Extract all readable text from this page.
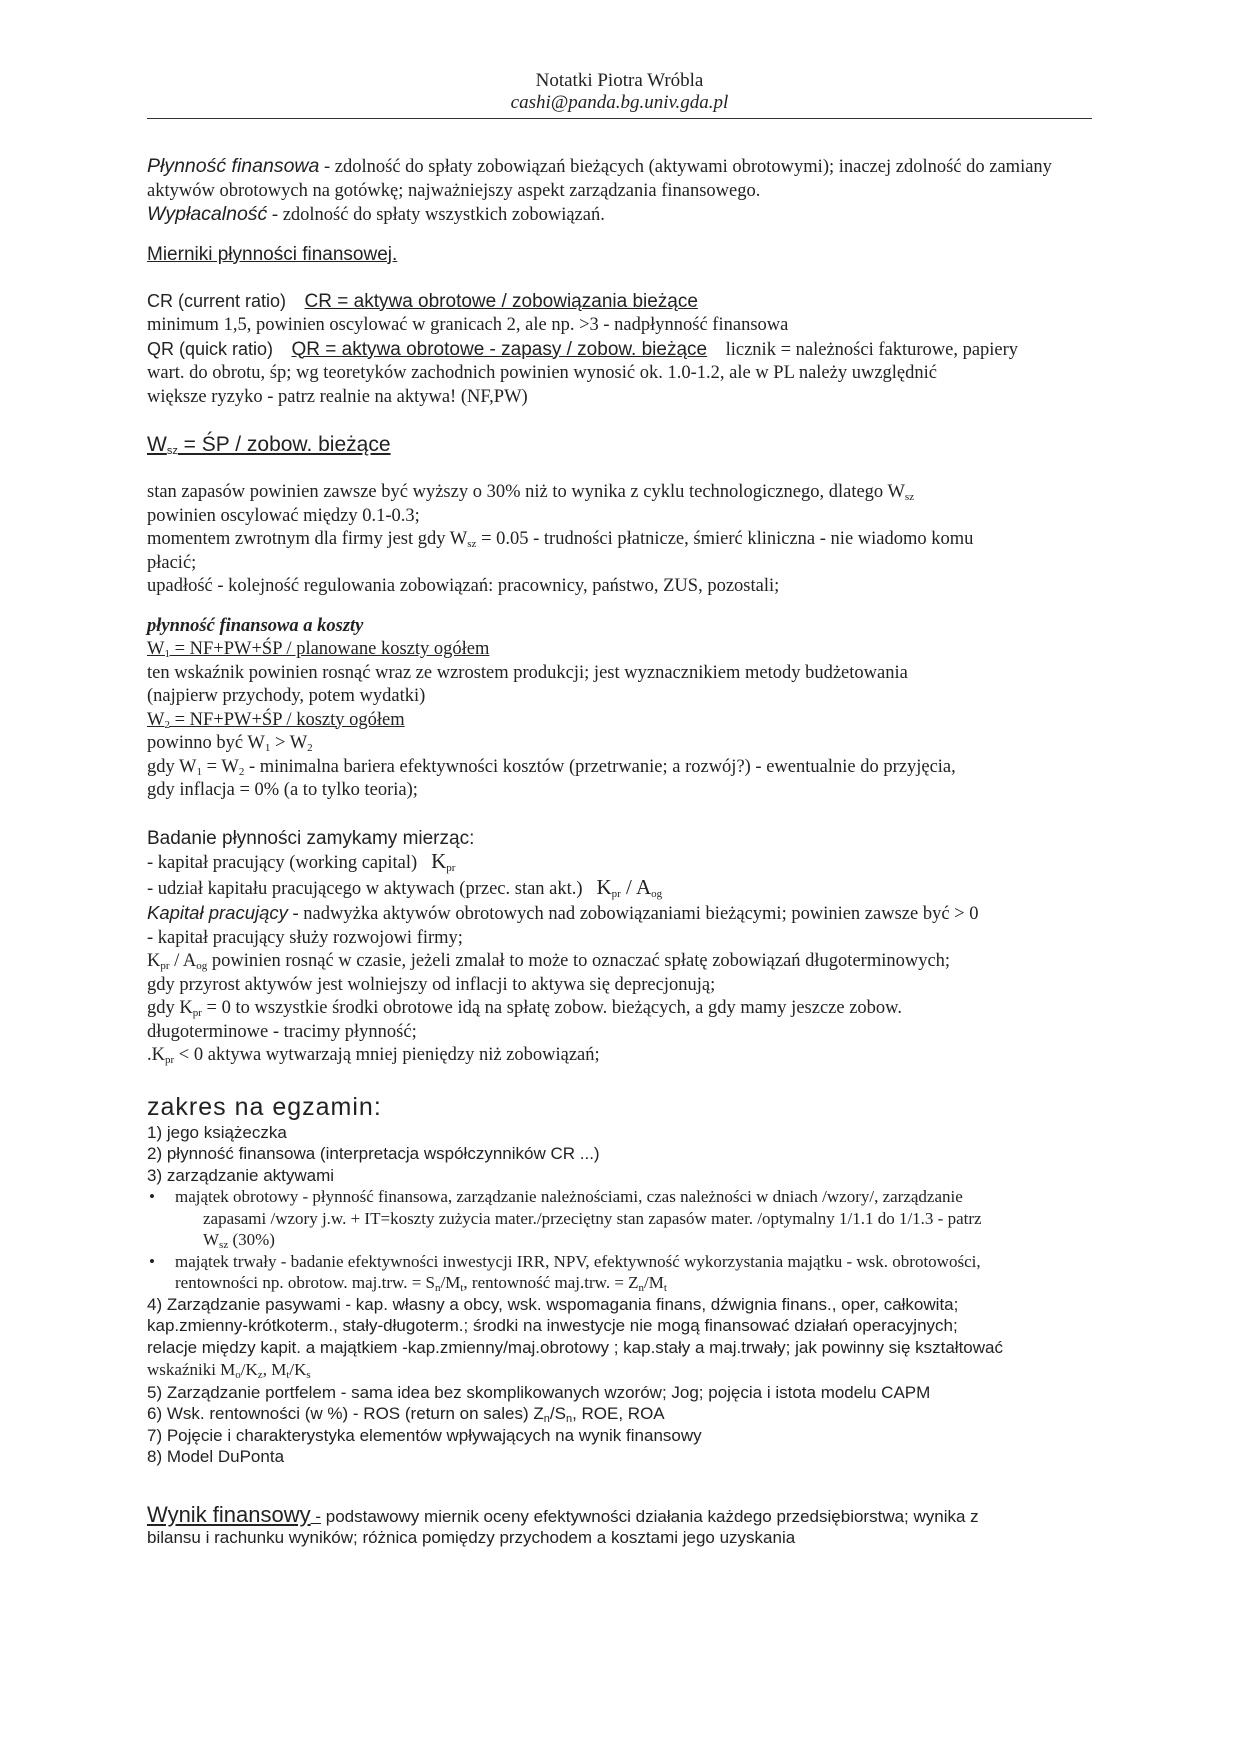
Notatki Piotra Wróbla
cashi@panda.bg.univ.gda.pl
Płynność finansowa - zdolność do spłaty zobowiązań bieżących (aktywami obrotowymi); inaczej zdolność do zamiany aktywów obrotowych na gotówkę; najważniejszy aspekt zarządzania finansowego.
Wypłacalność - zdolność do spłaty wszystkich zobowiązań.
Mierniki płynności finansowej.
CR (current ratio) CR = aktywa obrotowe / zobowiązania bieżące
minimum 1,5, powinien oscylować w granicach 2, ale np. >3 - nadpłynność finansowa
QR (quick ratio) QR = aktywa obrotowe - zapasy / zobow. bieżące licznik = należności fakturowe, papiery
wart. do obrotu, śp; wg teoretyków zachodnich powinien wynosić ok. 1.0-1.2, ale w PL należy uwzględnić
większe ryzyko - patrz realnie na aktywa! (NF,PW)
$W_{sz}$ = ŚP / zobow. bieżące
stan zapasów powinien zawsze być wyższy o 30% niż to wynika z cyklu technologicznego, dlatego $W_{sz}$
powinien oscylować między 0.1-0.3;
momentem zwrotnym dla firmy jest gdy $W_{sz} = 0.05$ - trudności płatnicze, śmierć kliniczna - nie wiadomo komu
płacić;
upadłość - kolejność regulowania zobowiązań: pracownicy, państwo, ZUS, pozostali;
płynność finansowa a koszty
$W_1$ = NF+PW+ŚP / planowane koszty ogółem
ten wskaźnik powinien rosnąć wraz ze wzrostem produkcji; jest wyznacznikiem metody budżetowania
(najpierw przychody, potem wydatki)
$W_2$ = NF+PW+ŚP / koszty ogółem
powinno być $W_1 > W_2$
gdy $W_1 = W_2$ - minimalna bariera efektywności kosztów (przetrwanie; a rozwój?) - ewentualnie do przyjęcia,
gdy inflacja = 0% (a to tylko teoria);
Badanie płynności zamykamy mierząc:
- kapitał pracujący (working capital) $K_{pr}$
- udział kapitału pracującego w aktywach (przec. stan akt.) $K_{pr} / A_{og}$
Kapitał pracujący - nadwyżka aktywów obrotowych nad zobowiązaniami bieżącymi; powinien zawsze być > 0
- kapitał pracujący służy rozwojowi firmy;
$K_{pr} / A_{og}$ powinien rosnąć w czasie, jeżeli zmalał to może to oznaczać spłatę zobowiązań długoterminowych;
gdy przyrost aktywów jest wolniejszy od inflacji to aktywa się deprecjonują;
gdy $K_{pr} = 0$ to wszystkie środki obrotowe idą na spłatę zobow. bieżących, a gdy mamy jeszcze zobow.
długoterminowe - tracimy płynność;
$.K_{pr} < 0$ aktywa wytwarzają mniej pieniędzy niż zobowiązań;
zakres na egzamin:
1) jego książeczka
2) płynność finansowa (interpretacja współczynników CR ...)
3) zarządzanie aktywami
• majątek obrotowy - płynność finansowa, zarządzanie należnościami, czas należności w dniach /wzory/, zarządzanie
zapasami /wzory j.w. + IT=koszty zużycia mater./przeciętny stan zapasów mater. /optymalny 1/1.1 do 1/1.3 - patrz
$W_{sz}$ (30%)
• majątek trwały - badanie efektywności inwestycji IRR, NPV, efektywność wykorzystania majątku - wsk. obrotowości,
rentowności np. obrotow. maj.trw. = $S_n/M_t$, rentowność maj.trw. = $Z_n/M_t$
4) Zarządzanie pasywami - kap. własny a obcy, wsk. wspomagania finans, dźwignia finans., oper, całkowita;
kap.zmienny-krótkoterm., stały-długoterm.; środki na inwestycje nie mogą finansować działań operacyjnych;
relacje między kapit. a majątkiem -kap.zmienny/maj.obrotowy ; kap.stały a maj.trwały; jak powinny się kształtować
wskaźniki $M_o/K_z$, $M_t/K_s$
5) Zarządzanie portfelem - sama idea bez skomplikowanych wzorów; Jog; pojęcia i istota modelu CAPM
6) Wsk. rentowności (w %) - ROS (return on sales) $Z_n/S_n$, ROE, ROA
7) Pojęcie i charakterystyka elementów wpływających na wynik finansowy
8) Model DuPonta
Wynik finansowy - podstawowy miernik oceny efektywności działania każdego przedsiębiorstwa; wynika z
bilansu i rachunku wyników; różnica pomiędzy przychodem a kosztami jego uzyskania
